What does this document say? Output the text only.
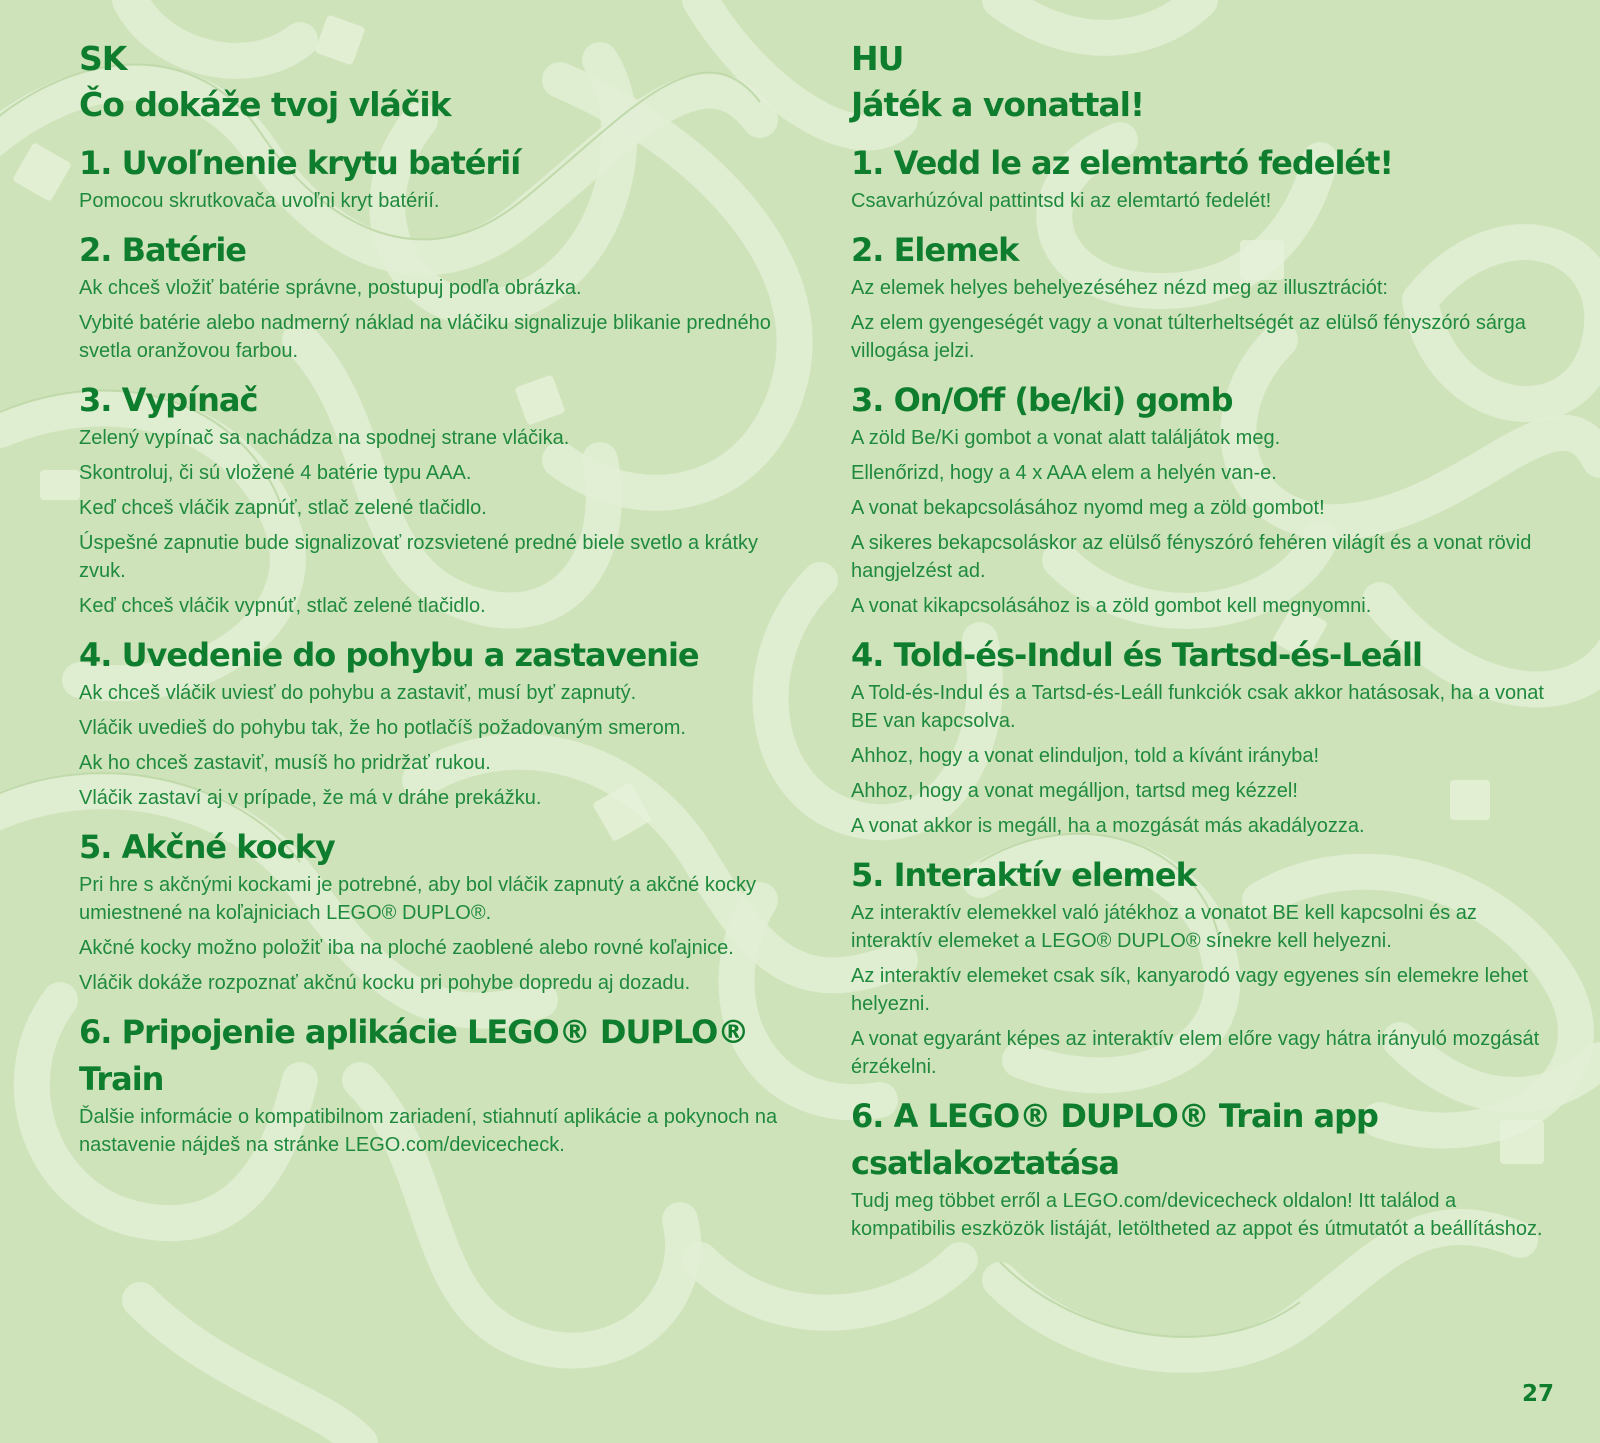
SK
Čo dokáže tvoj vláčik
1. Uvoľnenie krytu batérií

Pomocou skrutkovača uvoľni kryt batérií.

2. Batérie

Ak chceš vložiť batérie správne, postupuj podľa obrázka.

Vybité batérie alebo nadmerný náklad na vláčiku signalizuje blikanie predného svetla oranžovou farbou.

3. Vypínač

Zelený vypínač sa nachádza na spodnej strane vláčika.

Skontroluj, či sú vložené 4 batérie typu AAA.

Keď chceš vláčik zapnúť, stlač zelené tlačidlo.

Úspešné zapnutie bude signalizovať rozsvietené predné biele svetlo a krátky zvuk.

Keď chceš vláčik vypnúť, stlač zelené tlačidlo.

4. Uvedenie do pohybu a zastavenie

Ak chceš vláčik uviesť do pohybu a zastaviť, musí byť zapnutý.

Vláčik uvedieš do pohybu tak, že ho potlačíš požadovaným smerom.

Ak ho chceš zastaviť, musíš ho pridržať rukou.

Vláčik zastaví aj v prípade, že má v dráhe prekážku.

5. Akčné kocky

Pri hre s akčnými kockami je potrebné, aby bol vláčik zapnutý a akčné kocky umiestnené na koľajniciach LEGO® DUPLO®.

Akčné kocky možno položiť iba na ploché zaoblené alebo rovné koľajnice.

Vláčik dokáže rozpoznať akčnú kocku pri pohybe dopredu aj dozadu.

6. Pripojenie aplikácie LEGO® DUPLO® Train

Ďalšie informácie o kompatibilnom zariadení, stiahnutí aplikácie a pokynoch na nastavenie nájdeš na stránke LEGO.com/devicecheck.

HU
Játék a vonattal!
1. Vedd le az elemtartó fedelét!

Csavarhúzóval pattintsd ki az elemtartó fedelét!

2. Elemek

Az elemek helyes behelyezéséhez nézd meg az illusztrációt:

Az elem gyengeségét vagy a vonat túlterheltségét az elülső fényszóró sárga villogása jelzi.

3. On/Off (be/ki) gomb

A zöld Be/Ki gombot a vonat alatt találjátok meg.

Ellenőrizd, hogy a 4 x AAA elem a helyén van-e.

A vonat bekapcsolásához nyomd meg a zöld gombot!

A sikeres bekapcsoláskor az elülső fényszóró fehéren világít és a vonat rövid hangjelzést ad.

A vonat kikapcsolásához is a zöld gombot kell megnyomni.

4. Told-és-Indul és Tartsd-és-Leáll

A Told-és-Indul és a Tartsd-és-Leáll funkciók csak akkor hatásosak, ha a vonat BE van kapcsolva.

Ahhoz, hogy a vonat elinduljon, told a kívánt irányba!

Ahhoz, hogy a vonat megálljon, tartsd meg kézzel!

A vonat akkor is megáll, ha a mozgását más akadályozza.

5. Interaktív elemek

Az interaktív elemekkel való játékhoz a vonatot BE kell kapcsolni és az interaktív elemeket a LEGO® DUPLO® sínekre kell helyezni.

Az interaktív elemeket csak sík, kanyarodó vagy egyenes sín elemekre lehet helyezni.

A vonat egyaránt képes az interaktív elem előre vagy hátra irányuló mozgását érzékelni.

6. A LEGO® DUPLO® Train app csatlakoztatása

Tudj meg többet erről a LEGO.com/devicecheck oldalon! Itt találod a kompatibilis eszközök listáját, letöltheted az appot és útmutatót a beállításhoz.

27
